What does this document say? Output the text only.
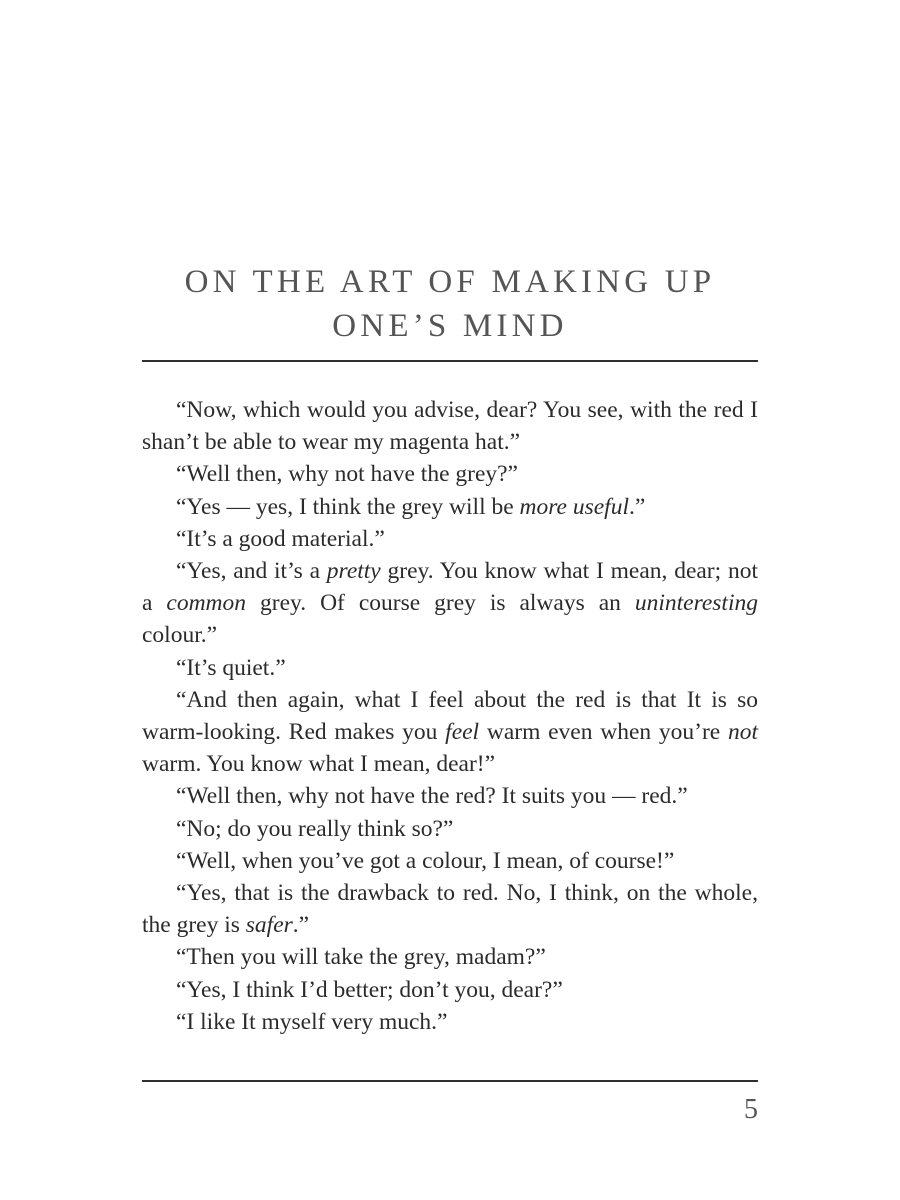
ON THE ART OF MAKING UP
ONE’S MIND

“Now, which would you advise, dear? You see, with the red I shan’t be able to wear my magenta hat.”

“Well then, why not have the grey?”

“Yes — yes, I think the grey will be more useful.”

“It’s a good material.”

“Yes, and it’s a pretty grey. You know what I mean, dear; not a common grey. Of course grey is always an uninteresting colour.”

“It’s quiet.”

“And then again, what I feel about the red is that It is so warm-looking. Red makes you feel warm even when you’re not warm. You know what I mean, dear!”

“Well then, why not have the red? It suits you — red.”

“No; do you really think so?”

“Well, when you’ve got a colour, I mean, of course!”

“Yes, that is the drawback to red. No, I think, on the whole, the grey is safer.”

“Then you will take the grey, madam?”

“Yes, I think I’d better; don’t you, dear?”

“I like It myself very much.”

5
